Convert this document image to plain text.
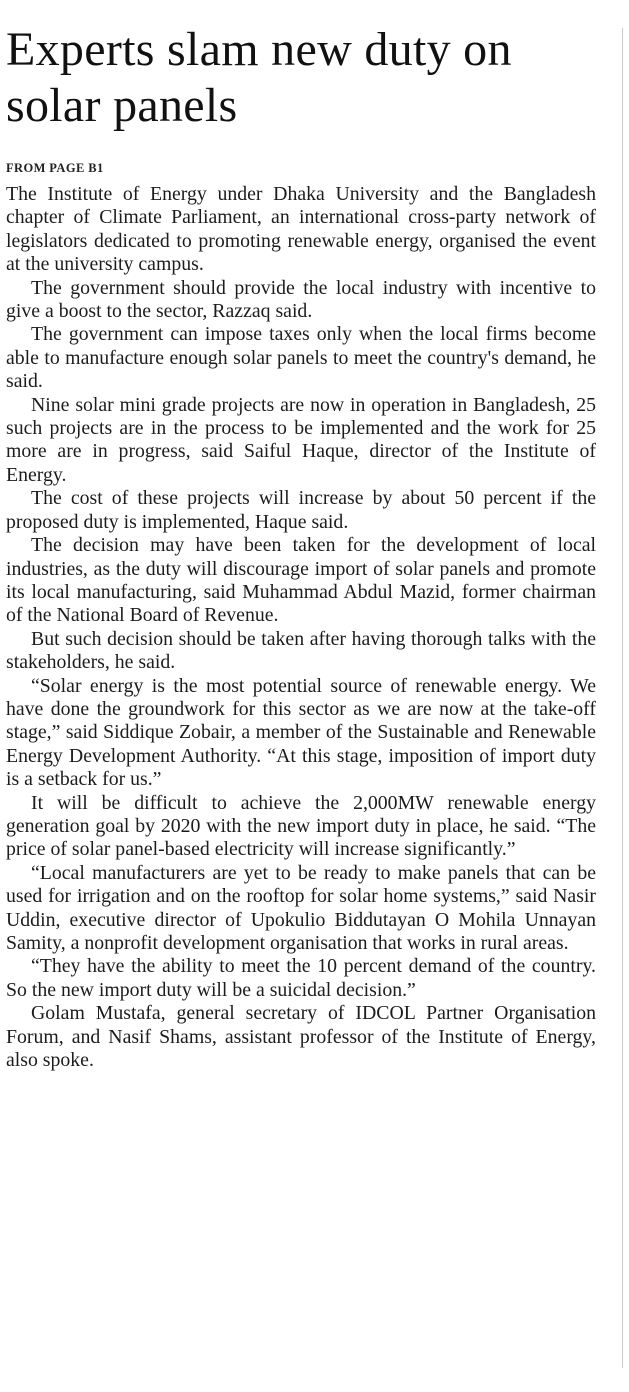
Experts slam new duty on solar panels
FROM PAGE B1

The Institute of Energy under Dhaka University and the Bangladesh chapter of Climate Parliament, an international cross-party network of legislators dedicated to promoting renewable energy, organised the event at the university campus.

The government should provide the local industry with incentive to give a boost to the sector, Razzaq said.

The government can impose taxes only when the local firms become able to manufacture enough solar panels to meet the country's demand, he said.

Nine solar mini grade projects are now in operation in Bangladesh, 25 such projects are in the process to be implemented and the work for 25 more are in progress, said Saiful Haque, director of the Institute of Energy.

The cost of these projects will increase by about 50 percent if the proposed duty is implemented, Haque said.

The decision may have been taken for the development of local industries, as the duty will discourage import of solar panels and promote its local manufacturing, said Muhammad Abdul Mazid, former chairman of the National Board of Revenue.

But such decision should be taken after having thorough talks with the stakeholders, he said.

“Solar energy is the most potential source of renewable energy. We have done the groundwork for this sector as we are now at the take-off stage,” said Siddique Zobair, a member of the Sustainable and Renewable Energy Development Authority. “At this stage, imposition of import duty is a setback for us.”

It will be difficult to achieve the 2,000MW renewable energy generation goal by 2020 with the new import duty in place, he said. “The price of solar panel-based electricity will increase significantly.”

“Local manufacturers are yet to be ready to make panels that can be used for irrigation and on the rooftop for solar home systems,” said Nasir Uddin, executive director of Upokulio Biddutayan O Mohila Unnayan Samity, a nonprofit development organisation that works in rural areas.

“They have the ability to meet the 10 percent demand of the country. So the new import duty will be a suicidal decision.”

Golam Mustafa, general secretary of IDCOL Partner Organisation Forum, and Nasif Shams, assistant professor of the Institute of Energy, also spoke.
